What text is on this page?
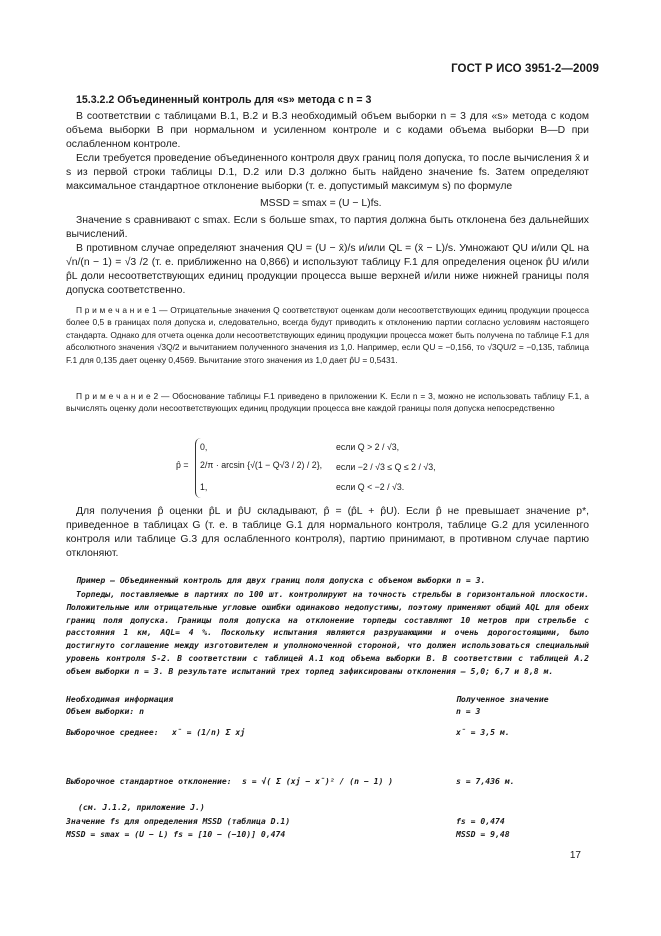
ГОСТ Р ИСО 3951-2—2009
15.3.2.2 Объединенный контроль для «s» метода с n = 3
В соответствии с таблицами В.1, В.2 и В.3 необходимый объем выборки n = 3 для «s» метода с кодом объема выборки В при нормальном и усиленном контроле и с кодами объема выборки В—D при ослабленном контроле.
Если требуется проведение объединенного контроля двух границ поля допуска, то после вычисления x̄ и s из первой строки таблицы D.1, D.2 или D.3 должно быть найдено значение fs. Затем определяют максимальное стандартное отклонение выборки (т. е. допустимый максимум s) по формуле
MSSD = smax = (U − L)fs.
Значение s сравнивают с smax. Если s больше smax, то партия должна быть отклонена без дальнейших вычислений.
В противном случае определяют значения QU = (U − x̄)/s и/или QL = (x̄ − L)/s. Умножают QU и/или QL на √n/(n − 1) = √3 /2 (т. е. приближенно на 0,866) и используют таблицу F.1 для определения оценок p̂U и/или p̂L доли несоответствующих единиц продукции процесса выше верхней и/или ниже нижней границы поля допуска соответственно.
П р и м е ч а н и е 1 — Отрицательные значения Q соответствуют оценкам доли несоответствующих единиц продукции процесса более 0,5 в границах поля допуска и, следовательно, всегда будут приводить к отклонению партии согласно условиям настоящего стандарта. Однако для отчета оценка доли несоответствующих единиц продукции процесса может быть получена по таблице F.1 для абсолютного значения √3Q/2 и вычитанием полученного значения из 1,0. Например, если QU = −0,156, то √3QU/2 = −0,135, таблица F.1 для 0,135 дает оценку 0,4569. Вычитание этого значения из 1,0 дает p̂U = 0,5431.
П р и м е ч а н и е 2 — Обоснование таблицы F.1 приведено в приложении K. Если n = 3, можно не использовать таблицу F.1, а вычислять оценку доли несоответствующих единиц продукции процесса вне каждой границы поля допуска непосредственно
p̂ =
0,
2/π · arcsin {√(1 − Q√3 / 2) / 2},
1,
если Q > 2 / √3,
если −2 / √3 ≤ Q ≤ 2 / √3,
если Q < −2 / √3.
Для получения p̂ оценки p̂L и p̂U складывают, p̂ = (p̂L + p̂U). Если p̂ не превышает значение p*, приведенное в таблицах G (т. е. в таблице G.1 для нормального контроля, таблице G.2 для усиленного контроля или таблице G.3 для ослабленного контроля), партию принимают, в противном случае партию отклоняют.
Пример — Объединенный контроль для двух границ поля допуска с объемом выборки n = 3.
Торпеды, поставляемые в партиях по 100 шт. контролируют на точность стрельбы в горизонтальной плоскости. Положительные или отрицательные угловые ошибки одинаково недопустимы, поэтому применяют общий AQL для обеих границ поля допуска. Границы поля допуска на отклонение торпеды составляют 10 метров при стрельбе с расстояния 1 км, AQL= 4 %. Поскольку испытания являются разрушающими и очень дорогостоящими, было достигнуто соглашение между изготовителем и уполномоченной стороной, что должен использоваться специальный уровень контроля S-2. В соответствии с таблицей А.1 код объема выборки В. В соответствии с таблицей А.2 объем выборки n = 3. В результате испытаний трех торпед зафиксированы отклонения — 5,0; 6,7 и 8,8 м.
Необходимая информация	Полученное значение
Объем выборки: n	n = 3
Выборочное среднее: x̄ = (1/n) Σ xj	x̄ = 3,5 м.
Выборочное стандартное отклонение: s = √( Σ (xj − x̄)² / (n − 1) )	s = 7,436 м.
(см. J.1.2, приложение J.)
Значение fs для определения MSSD (таблица D.1)	fs = 0,474
MSSD = smax = (U − L) fs = [10 − (−10)] 0,474	MSSD = 9,48
17
